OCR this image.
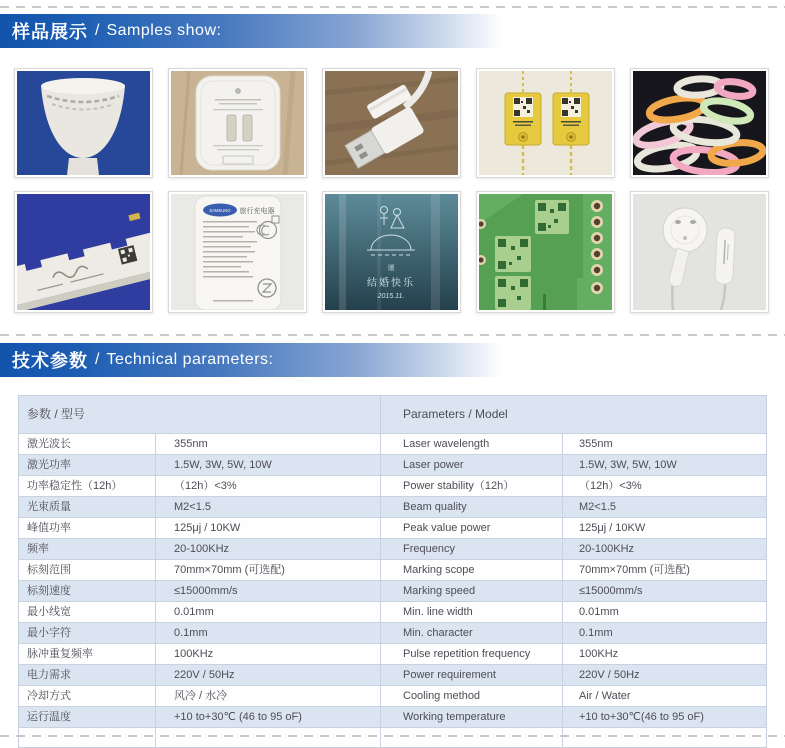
样品展示 / Samples show:
NIKE
NIKE
SAMSUNG 旅行充电器
谨
结婚快乐
2015.11.
技术参数 / Technical parameters:
参数 / 型号	Parameters / Model
激光波长	355nm	Laser wavelength	355nm
激光功率	1.5W, 3W, 5W, 10W	Laser power	1.5W, 3W, 5W, 10W
功率稳定性（12h）	（12h）<3%	Power stability（12h）	（12h）<3%
光束质量	M2<1.5	Beam quality	M2<1.5
峰值功率	125μj / 10KW	Peak value power	125μj / 10KW
频率	20-100KHz	Frequency	20-100KHz
标刻范围	70mm×70mm (可选配)	Marking scope	70mm×70mm (可选配)
标刻速度	≤15000mm/s	Marking speed	≤15000mm/s
最小线宽	0.01mm	Min. line width	0.01mm
最小字符	0.1mm	Min. character	0.1mm
脉冲重复频率	100KHz	Pulse repetition frequency	100KHz
电力需求	220V / 50Hz	Power requirement	220V / 50Hz
冷却方式	风冷 / 水冷	Cooling method	Air / Water
运行温度	+10 to+30℃ (46 to 95 oF)	Working temperature	+10 to+30℃(46 to 95 oF)
